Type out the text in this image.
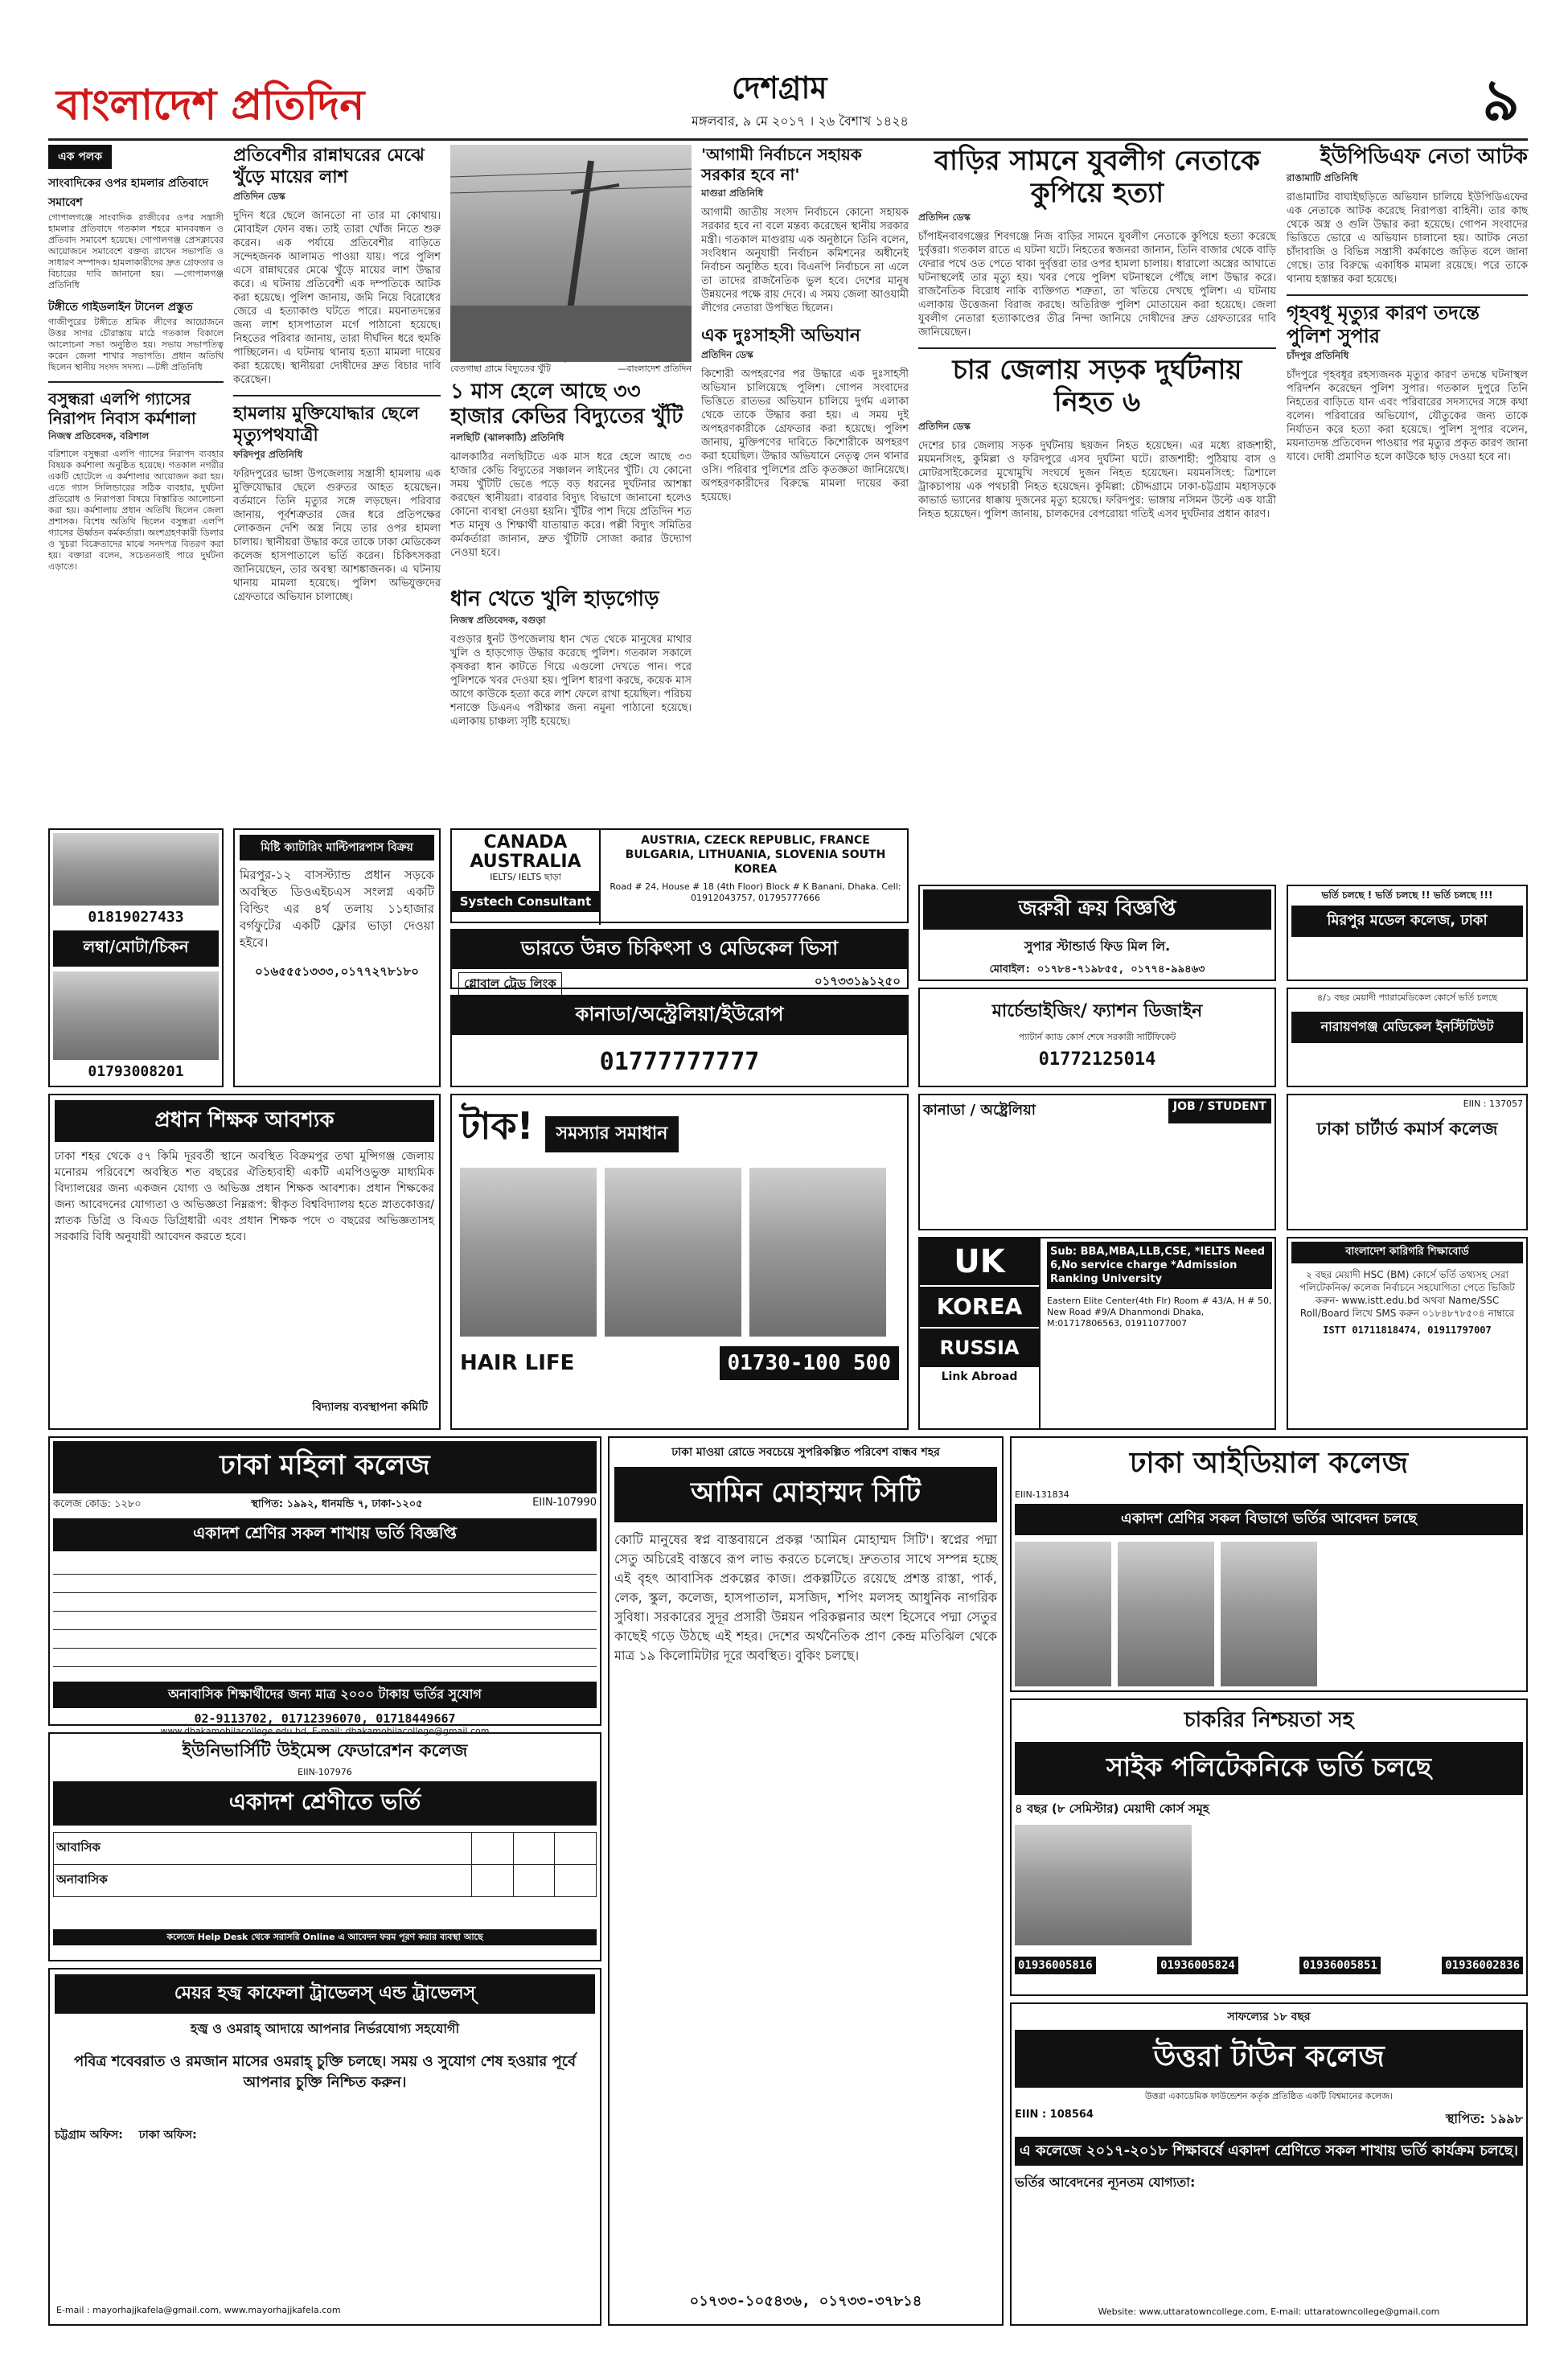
বাংলাদেশ প্রতিদিন	দেশগ্রাম
মঙ্গলবার, ৯ মে ২০১৭ । ২৬ বৈশাখ ১৪২৪	৯
এক পলক
সাংবাদিকের ওপর হামলার প্রতিবাদে সমাবেশ
গোপালগঞ্জে সাংবাদিক রাজীবের ওপর সন্ত্রাসী হামলার প্রতিবাদে গতকাল শহরে মানববন্ধন ও প্রতিবাদ সমাবেশ হয়েছে। গোপালগঞ্জ প্রেসক্লাবের আয়োজনে সমাবেশে বক্তব্য রাখেন সভাপতি ও সাধারণ সম্পাদক। হামলাকারীদের দ্রুত গ্রেফতার ও বিচারের দাবি জানানো হয়। —গোপালগঞ্জ প্রতিনিধি
টঙ্গীতে গাইডলাইন টানেল প্রস্তুত
গাজীপুরের টঙ্গীতে শ্রমিক লীগের আয়োজনে উত্তর সাগর চৌরাস্তায় মাঠে গতকাল বিকালে আলোচনা সভা অনুষ্ঠিত হয়। সভায় সভাপতিত্ব করেন জেলা শাখার সভাপতি। প্রধান অতিথি ছিলেন স্থানীয় সংসদ সদস্য। —টঙ্গী প্রতিনিধি
বসুন্ধরা এলপি গ্যাসের নিরাপদ নিবাস কর্মশালা
নিজস্ব প্রতিবেদক, বরিশাল
বরিশালে বসুন্ধরা এলপি গ্যাসের নিরাপদ ব্যবহার বিষয়ক কর্মশালা অনুষ্ঠিত হয়েছে। গতকাল নগরীর একটি হোটেলে এ কর্মশালার আয়োজন করা হয়। এতে গ্যাস সিলিন্ডারের সঠিক ব্যবহার, দুর্ঘটনা প্রতিরোধ ও নিরাপত্তা বিষয়ে বিস্তারিত আলোচনা করা হয়। কর্মশালায় প্রধান অতিথি ছিলেন জেলা প্রশাসক। বিশেষ অতিথি ছিলেন বসুন্ধরা এলপি গ্যাসের ঊর্ধ্বতন কর্মকর্তারা। অংশগ্রহণকারী ডিলার ও খুচরা বিক্রেতাদের মাঝে সনদপত্র বিতরণ করা হয়। বক্তারা বলেন, সচেতনতাই পারে দুর্ঘটনা এড়াতে।
প্রতিবেশীর রান্নাঘরের মেঝে খুঁড়ে মায়ের লাশ
প্রতিদিন ডেস্ক
দুদিন ধরে ছেলে জানতো না তার মা কোথায়। মোবাইল ফোন বন্ধ। তাই তারা খোঁজ নিতে শুরু করেন। এক পর্যায়ে প্রতিবেশীর বাড়িতে সন্দেহজনক আলামত পাওয়া যায়। পরে পুলিশ এসে রান্নাঘরের মেঝে খুঁড়ে মায়ের লাশ উদ্ধার করে। এ ঘটনায় প্রতিবেশী এক দম্পতিকে আটক করা হয়েছে। পুলিশ জানায়, জমি নিয়ে বিরোধের জেরে এ হত্যাকাণ্ড ঘটতে পারে। ময়নাতদন্তের জন্য লাশ হাসপাতাল মর্গে পাঠানো হয়েছে। নিহতের পরিবার জানায়, তারা দীর্ঘদিন ধরে হুমকি পাচ্ছিলেন। এ ঘটনায় থানায় হত্যা মামলা দায়ের করা হয়েছে। স্থানীয়রা দোষীদের দ্রুত বিচার দাবি করেছেন।
হামলায় মুক্তিযোদ্ধার ছেলে মৃত্যুপথযাত্রী
ফরিদপুর প্রতিনিধি
ফরিদপুরের ভাঙ্গা উপজেলায় সন্ত্রাসী হামলায় এক মুক্তিযোদ্ধার ছেলে গুরুতর আহত হয়েছেন। বর্তমানে তিনি মৃত্যুর সঙ্গে লড়ছেন। পরিবার জানায়, পূর্বশত্রুতার জের ধরে প্রতিপক্ষের লোকজন দেশি অস্ত্র নিয়ে তার ওপর হামলা চালায়। স্থানীয়রা উদ্ধার করে তাকে ঢাকা মেডিকেল কলেজ হাসপাতালে ভর্তি করেন। চিকিৎসকরা জানিয়েছেন, তার অবস্থা আশঙ্কাজনক। এ ঘটনায় থানায় মামলা হয়েছে। পুলিশ অভিযুক্তদের গ্রেফতারে অভিযান চালাচ্ছে।
বেতগাছা গ্রামে বিদ্যুতের খুঁটি	—বাংলাদেশ প্রতিদিন
১ মাস হেলে আছে ৩৩ হাজার কেভির বিদ্যুতের খুঁটি
নলছিটি (ঝালকাঠি) প্রতিনিধি
ঝালকাঠির নলছিটিতে এক মাস ধরে হেলে আছে ৩৩ হাজার কেভি বিদ্যুতের সঞ্চালন লাইনের খুঁটি। যে কোনো সময় খুঁটিটি ভেঙে পড়ে বড় ধরনের দুর্ঘটনার আশঙ্কা করছেন স্থানীয়রা। বারবার বিদ্যুৎ বিভাগে জানানো হলেও কোনো ব্যবস্থা নেওয়া হয়নি। খুঁটির পাশ দিয়ে প্রতিদিন শত শত মানুষ ও শিক্ষার্থী যাতায়াত করে। পল্লী বিদ্যুৎ সমিতির কর্মকর্তারা জানান, দ্রুত খুঁটিটি সোজা করার উদ্যোগ নেওয়া হবে।
'আগামী নির্বাচনে সহায়ক সরকার হবে না'
মাগুরা প্রতিনিধি
আগামী জাতীয় সংসদ নির্বাচনে কোনো সহায়ক সরকার হবে না বলে মন্তব্য করেছেন স্থানীয় সরকার মন্ত্রী। গতকাল মাগুরায় এক অনুষ্ঠানে তিনি বলেন, সংবিধান অনুযায়ী নির্বাচন কমিশনের অধীনেই নির্বাচন অনুষ্ঠিত হবে। বিএনপি নির্বাচনে না এলে তা তাদের রাজনৈতিক ভুল হবে। দেশের মানুষ উন্নয়নের পক্ষে রায় দেবে। এ সময় জেলা আওয়ামী লীগের নেতারা উপস্থিত ছিলেন।
এক দুঃসাহসী অভিযান
প্রতিদিন ডেস্ক
কিশোরী অপহরণের পর উদ্ধারে এক দুঃসাহসী অভিযান চালিয়েছে পুলিশ। গোপন সংবাদের ভিত্তিতে রাতভর অভিযান চালিয়ে দুর্গম এলাকা থেকে তাকে উদ্ধার করা হয়। এ সময় দুই অপহরণকারীকে গ্রেফতার করা হয়েছে। পুলিশ জানায়, মুক্তিপণের দাবিতে কিশোরীকে অপহরণ করা হয়েছিল। উদ্ধার অভিযানে নেতৃত্ব দেন থানার ওসি। পরিবার পুলিশের প্রতি কৃতজ্ঞতা জানিয়েছে। অপহরণকারীদের বিরুদ্ধে মামলা দায়ের করা হয়েছে।
ধান খেতে খুলি হাড়গোড়
নিজস্ব প্রতিবেদক, বগুড়া
বগুড়ার ধুনট উপজেলায় ধান খেত থেকে মানুষের মাথার খুলি ও হাড়গোড় উদ্ধার করেছে পুলিশ। গতকাল সকালে কৃষকরা ধান কাটতে গিয়ে এগুলো দেখতে পান। পরে পুলিশকে খবর দেওয়া হয়। পুলিশ ধারণা করছে, কয়েক মাস আগে কাউকে হত্যা করে লাশ ফেলে রাখা হয়েছিল। পরিচয় শনাক্তে ডিএনএ পরীক্ষার জন্য নমুনা পাঠানো হয়েছে। এলাকায় চাঞ্চল্য সৃষ্টি হয়েছে।
বাড়ির সামনে যুবলীগ নেতাকে কুপিয়ে হত্যা
প্রতিদিন ডেস্ক
চাঁপাইনবাবগঞ্জের শিবগঞ্জে নিজ বাড়ির সামনে যুবলীগ নেতাকে কুপিয়ে হত্যা করেছে দুর্বৃত্তরা। গতকাল রাতে এ ঘটনা ঘটে। নিহতের স্বজনরা জানান, তিনি বাজার থেকে বাড়ি ফেরার পথে ওত পেতে থাকা দুর্বৃত্তরা তার ওপর হামলা চালায়। ধারালো অস্ত্রের আঘাতে ঘটনাস্থলেই তার মৃত্যু হয়। খবর পেয়ে পুলিশ ঘটনাস্থলে পৌঁছে লাশ উদ্ধার করে। রাজনৈতিক বিরোধ নাকি ব্যক্তিগত শত্রুতা, তা খতিয়ে দেখছে পুলিশ। এ ঘটনায় এলাকায় উত্তেজনা বিরাজ করছে। অতিরিক্ত পুলিশ মোতায়েন করা হয়েছে। জেলা যুবলীগ নেতারা হত্যাকাণ্ডের তীব্র নিন্দা জানিয়ে দোষীদের দ্রুত গ্রেফতারের দাবি জানিয়েছেন।
চার জেলায় সড়ক দুর্ঘটনায় নিহত ৬
প্রতিদিন ডেস্ক
দেশের চার জেলায় সড়ক দুর্ঘটনায় ছয়জন নিহত হয়েছেন। এর মধ্যে রাজশাহী, ময়মনসিংহ, কুমিল্লা ও ফরিদপুরে এসব দুর্ঘটনা ঘটে। রাজশাহী: পুঠিয়ায় বাস ও মোটরসাইকেলের মুখোমুখি সংঘর্ষে দুজন নিহত হয়েছেন। ময়মনসিংহ: ত্রিশালে ট্রাকচাপায় এক পথচারী নিহত হয়েছেন। কুমিল্লা: চৌদ্দগ্রামে ঢাকা-চট্টগ্রাম মহাসড়কে কাভার্ড ভ্যানের ধাক্কায় দুজনের মৃত্যু হয়েছে। ফরিদপুর: ভাঙ্গায় নসিমন উল্টে এক যাত্রী নিহত হয়েছেন। পুলিশ জানায়, চালকদের বেপরোয়া গতিই এসব দুর্ঘটনার প্রধান কারণ।
ইউপিডিএফ নেতা আটক
রাঙামাটি প্রতিনিধি
রাঙামাটির বাঘাইছড়িতে অভিযান চালিয়ে ইউপিডিএফের এক নেতাকে আটক করেছে নিরাপত্তা বাহিনী। তার কাছ থেকে অস্ত্র ও গুলি উদ্ধার করা হয়েছে। গোপন সংবাদের ভিত্তিতে ভোরে এ অভিযান চালানো হয়। আটক নেতা চাঁদাবাজি ও বিভিন্ন সন্ত্রাসী কর্মকাণ্ডে জড়িত বলে জানা গেছে। তার বিরুদ্ধে একাধিক মামলা রয়েছে। পরে তাকে থানায় হস্তান্তর করা হয়েছে।
গৃহবধূ মৃত্যুর কারণ তদন্তে পুলিশ সুপার
চাঁদপুর প্রতিনিধি
চাঁদপুরে গৃহবধূর রহস্যজনক মৃত্যুর কারণ তদন্তে ঘটনাস্থল পরিদর্শন করেছেন পুলিশ সুপার। গতকাল দুপুরে তিনি নিহতের বাড়িতে যান এবং পরিবারের সদস্যদের সঙ্গে কথা বলেন। পরিবারের অভিযোগ, যৌতুকের জন্য তাকে নির্যাতন করে হত্যা করা হয়েছে। পুলিশ সুপার বলেন, ময়নাতদন্ত প্রতিবেদন পাওয়ার পর মৃত্যুর প্রকৃত কারণ জানা যাবে। দোষী প্রমাণিত হলে কাউকে ছাড় দেওয়া হবে না।
01819027433
লম্বা/মোটা/চিকন
01793008201
মিষ্টি ক্যাটারিং মাল্টিপারপাস বিক্রয়
মিরপুর-১২ বাসস্ট্যান্ড প্রধান সড়কে অবস্থিত ডিওএইচএস সংলগ্ন একটি বিল্ডিং এর ৪র্থ তলায় ১১হাজার বর্গফুটের একটি ফ্লোর ভাড়া দেওয়া হইবে।
০১৬৫৫৫১৩৩৩,০১৭৭২৭৮১৮০
CANADA AUSTRALIA
IELTS/ IELTS ছাড়া
Systech Consultant
AUSTRIA, CZECK REPUBLIC, FRANCE BULGARIA, LITHUANIA, SLOVENIA SOUTH KOREA
Road # 24, House # 18 (4th Floor) Block # K Banani, Dhaka. Cell: 01912043757, 01795777666
ভারতে উন্নত চিকিৎসা ও মেডিকেল ভিসা
গ্লোবাল ট্রেড লিংক	০১৭৩৩১৯১২৫০
কানাডা/অস্ট্রেলিয়া/ইউরোপ
01777777777
জরুরী ক্রয় বিজ্ঞপ্তি
সুপার স্টান্ডার্ড ফিড মিল লি.
মোবাইল: ০১৭৮৪-৭১৯৮৫৫, ০১৭৭৪-৯৯৪৬৩
ভর্তি চলছে ! ভর্তি চলছে !! ভর্তি চলছে !!!
মিরপুর মডেল কলেজ, ঢাকা
মার্চেন্ডাইজিং/ ফ্যাশন ডিজাইন
প্যাটার্ন ক্যাড কোর্স শেষে সরকারী সার্টিফিকেট
01772125014
৪/১ বছর মেয়াদী প্যারামেডিকেল কোর্সে ভর্তি চলছে
নারায়ণগঞ্জ মেডিকেল ইনস্টিটিউট
প্রধান শিক্ষক আবশ্যক
ঢাকা শহর থেকে ৫৭ কিমি দূরবর্তী স্থানে অবস্থিত বিক্রমপুর তথা মুন্সিগঞ্জ জেলায় মনোরম পরিবেশে অবস্থিত শত বছরের ঐতিহ্যবাহী একটি এমপিওভুক্ত মাধ্যমিক বিদ্যালয়ের জন্য একজন যোগ্য ও অভিজ্ঞ প্রধান শিক্ষক আবশ্যক। প্রধান শিক্ষকের জন্য আবেদনের যোগ্যতা ও অভিজ্ঞতা নিম্নরূপ: স্বীকৃত বিশ্ববিদ্যালয় হতে স্নাতকোত্তর/স্নাতক ডিগ্রি ও বিএড ডিগ্রিধারী এবং প্রধান শিক্ষক পদে ৩ বছরের অভিজ্ঞতাসহ সরকারি বিধি অনুযায়ী আবেদন করতে হবে।
বিদ্যালয় ব্যবস্থাপনা কমিটি
টাক!	সমস্যার সমাধান
HAIR LIFE	01730-100 500
কানাডা / অষ্ট্রেলিয়া	JOB / STUDENT
UK
KOREA
RUSSIA
Link Abroad
Sub: BBA,MBA,LLB,CSE, *IELTS Need 6,No service charge *Admission Ranking University
Eastern Elite Center(4th Flr) Room # 43/A, H # 50, New Road #9/A Dhanmondi Dhaka, M:01717806563, 01911077007
EIIN : 137057
ঢাকা চার্টার্ড কমার্স কলেজ
বাংলাদেশ কারিগরি শিক্ষাবোর্ড
২ বছর মেয়াদী HSC (BM) কোর্সে ভর্তি তথ্যসহ সেরা পলিটেকনিক/ কলেজ নির্বাচনে সহযোগিতা পেতে ভিজিট করুন- www.istt.edu.bd অথবা Name/SSC Roll/Board লিখে SMS করুন ০১৮৪৮৭৮৫০৪ নাম্বারে
ISTT 01711818474, 01911797007
ঢাকা মহিলা কলেজ
কলেজ কোড: ১২৮০	স্থাপিত: ১৯৯২, ধানমন্ডি ৭, ঢাকা-১২০৫	EIIN-107990
একাদশ শ্রেণির সকল শাখায় ভর্তি বিজ্ঞপ্তি
অনাবাসিক শিক্ষার্থীদের জন্য মাত্র ২০০০ টাকায় ভর্তির সুযোগ
02-9113702, 01712396070, 01718449667
www.dhakamohilacollege.edu.bd, E-mail: dhakamohilacollege@gmail.com
ইউনিভার্সিটি উইমেন্স ফেডারেশন কলেজ
EIIN-107976
একাদশ শ্রেণীতে ভর্তি
আবাসিক			
অনাবাসিক			
কলেজে Help Desk থেকে সরাসরি Online এ আবেদন ফরম পূরণ করার ব্যবস্থা আছে
মেয়র হজ্ব কাফেলা ট্রাভেলস্ এন্ড ট্রাভেলস্
হজ্ব ও ওমরাহ্‌ আদায়ে আপনার নির্ভরযোগ্য সহযোগী
পবিত্র শবেবরাত ও রমজান মাসের ওমরাহ্‌ চুক্তি চলছে। সময় ও সুযোগ শেষ হওয়ার পূর্বে আপনার চুক্তি নিশ্চিত করুন।
চট্টগ্রাম অফিস: ঢাকা অফিস:
E-mail : mayorhajjkafela@gmail.com, www.mayorhajjkafela.com
ঢাকা মাওয়া রোডে সবচেয়ে সুপরিকল্পিত পরিবেশ বান্ধব শহর
আমিন মোহাম্মদ সিটি
কোটি মানুষের স্বপ্ন বাস্তবায়নে প্রকল্প 'আমিন মোহাম্মদ সিটি'। স্বপ্নের পদ্মা সেতু অচিরেই বাস্তবে রূপ লাভ করতে চলেছে। দ্রুততার সাথে সম্পন্ন হচ্ছে এই বৃহৎ আবাসিক প্রকল্পের কাজ। প্রকল্পটিতে রয়েছে প্রশস্ত রাস্তা, পার্ক, লেক, স্কুল, কলেজ, হাসপাতাল, মসজিদ, শপিং মলসহ আধুনিক নাগরিক সুবিধা। সরকারের সুদূর প্রসারী উন্নয়ন পরিকল্পনার অংশ হিসেবে পদ্মা সেতুর কাছেই গড়ে উঠছে এই শহর। দেশের অর্থনৈতিক প্রাণ কেন্দ্র মতিঝিল থেকে মাত্র ১৯ কিলোমিটার দূরে অবস্থিত। বুকিং চলছে।
০১৭৩৩-১০৫৪৩৬, ০১৭৩৩-৩৭৮১৪
ঢাকা আইডিয়াল কলেজ
EIIN-131834
একাদশ শ্রেণির সকল বিভাগে ভর্তির আবেদন চলছে
চাকরির নিশ্চয়তা সহ
সাইক পলিটেকনিকে ভর্তি চলছে
৪ বছর (৮ সেমিস্টার) মেয়াদী কোর্স সমূহ
01936005816	01936005824	01936005851	01936002836
সাফল্যের ১৮ বছর
উত্তরা টাউন কলেজ
উত্তরা একাডেমিক ফাউন্ডেশন কর্তৃক প্রতিষ্ঠিত একটি বিশ্বমানের কলেজ।
EIIN : 108564	স্থাপিত: ১৯৯৮
এ কলেজে ২০১৭-২০১৮ শিক্ষাবর্ষে একাদশ শ্রেণিতে সকল শাখায় ভর্তি কার্যক্রম চলছে।
ভর্তির আবেদনের ন্যূনতম যোগ্যতা:
Website: www.uttaratowncollege.com, E-mail: uttaratowncollege@gmail.com
